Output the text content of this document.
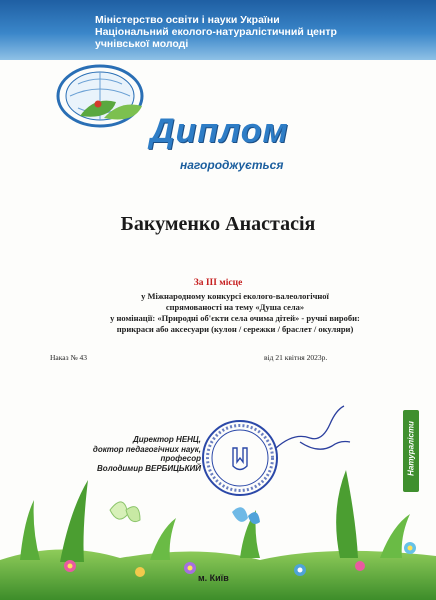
Міністерство освіти і науки України
Національний еколого-натуралістичний центр
учнівської молоді
Диплом
нагороджується
Бакуменко Анастасія
За ІІІ місце
у Міжнародному конкурсі еколого-валеологічної
спрямованості на тему «Душа села»
у номінації: «Природні об'єкти села очима дітей» - ручні вироби:
прикраси або аксесуари (кулон / сережки / браслет / окуляри)
Наказ № 43	від 21 квітня 2023р.
Директор НЕНЦ,
доктор педагогічних наук,
професор
Володимир ВЕРБИЦЬКИЙ	Натуралісти
м. Київ
